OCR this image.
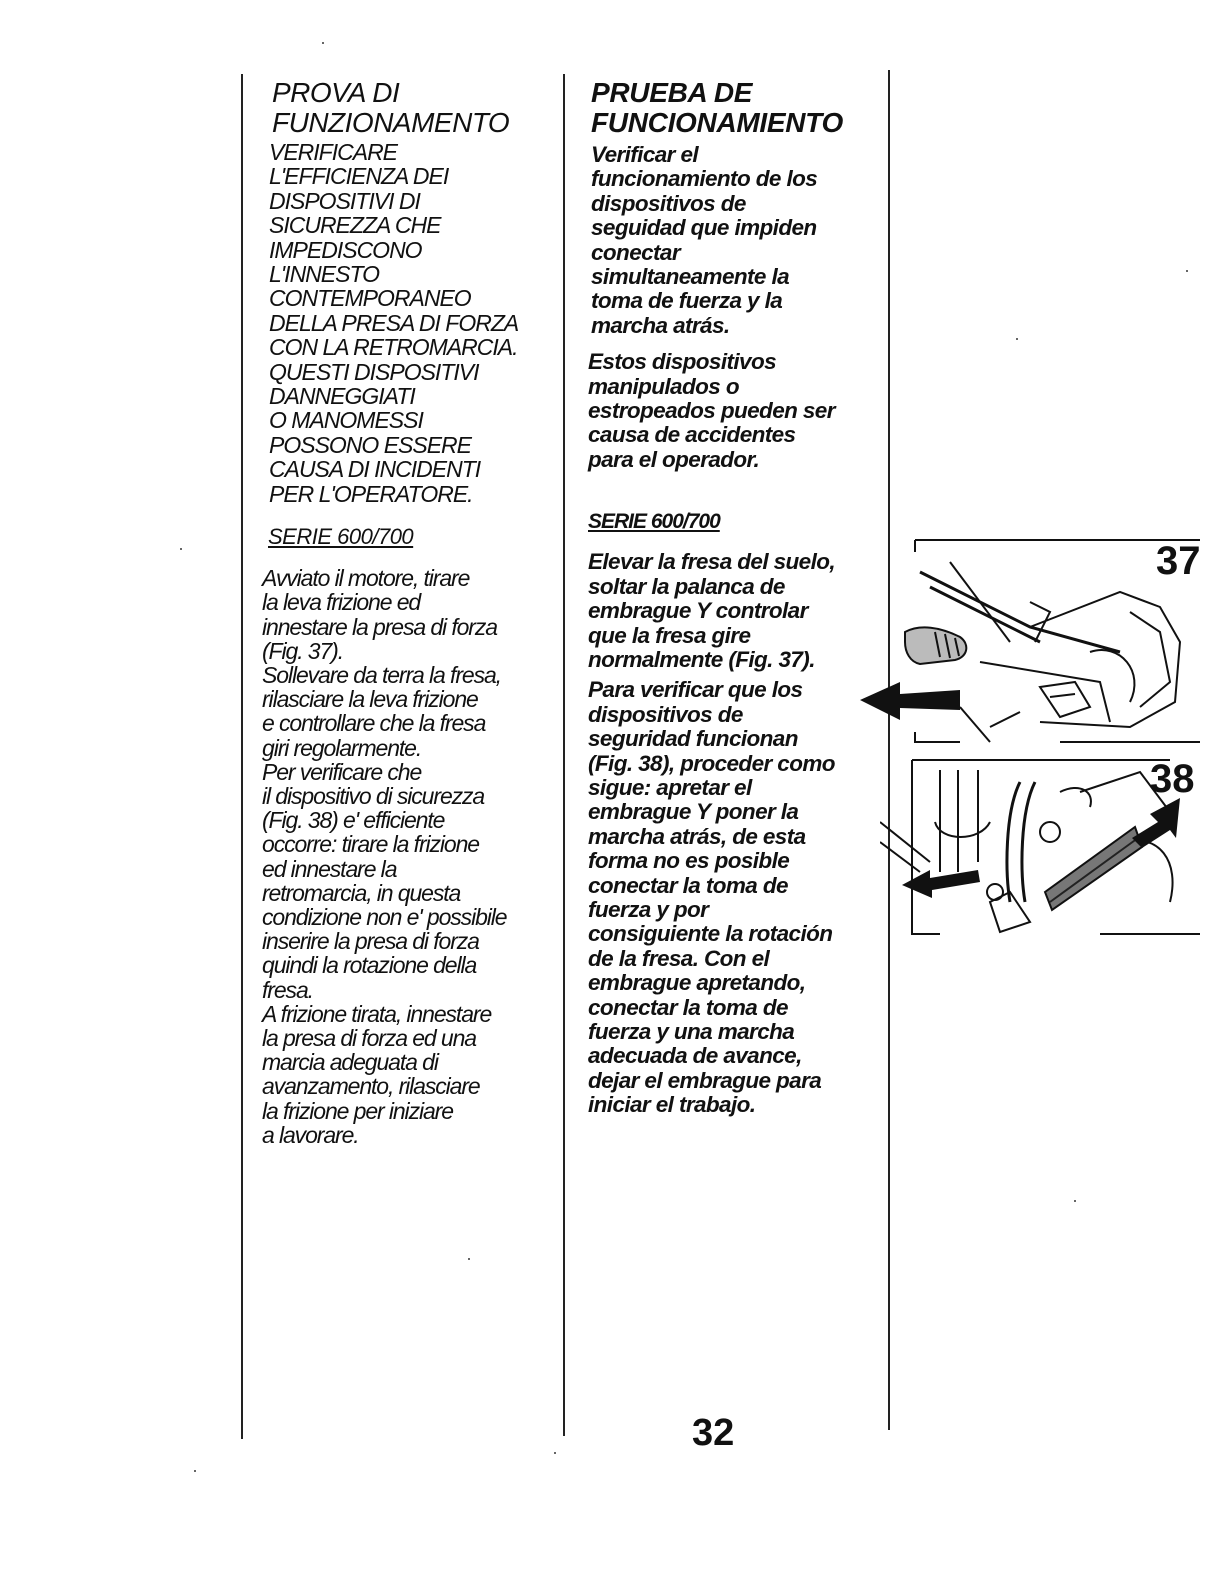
PROVA DI
FUNZIONAMENTO

VERIFICARE
L'EFFICIENZA DEI
DISPOSITIVI DI
SICUREZZA CHE
IMPEDISCONO
L'INNESTO
CONTEMPORANEO
DELLA PRESA DI FORZA
CON LA RETROMARCIA.
QUESTI DISPOSITIVI
DANNEGGIATI
O MANOMESSI
POSSONO ESSERE
CAUSA DI INCIDENTI
PER L'OPERATORE.

SERIE 600/700

Avviato il motore, tirare
la leva frizione ed
innestare la presa di forza
(Fig. 37).
Sollevare da terra la fresa,
rilasciare la leva frizione
e controllare che la fresa
giri regolarmente.
Per verificare che
il dispositivo di sicurezza
(Fig. 38) e' efficiente
occorre: tirare la frizione
ed innestare la
retromarcia, in questa
condizione non e' possibile
inserire la presa di forza
quindi la rotazione della
fresa.
A frizione tirata, innestare
la presa di forza ed una
marcia adeguata di
avanzamento, rilasciare
la frizione per iniziare
a lavorare.

PRUEBA DE
FUNCIONAMIENTO

Verificar el
funcionamiento de los
dispositivos de
seguidad que impiden
conectar
simultaneamente la
toma de fuerza y la
marcha atrás.

Estos dispositivos
manipulados o
estropeados pueden ser
causa de accidentes
para el operador.

SERIE 600/700

Elevar la fresa del suelo,
soltar la palanca de
embrague Y controlar
que la fresa gire
normalmente (Fig. 37).

Para verificar que los
dispositivos de
seguridad funcionan
(Fig. 38), proceder como
sigue: apretar el
embrague Y poner la
marcha atrás, de esta
forma no es posible
conectar la toma de
fuerza y por
consiguiente la rotación
de la fresa. Con el
embrague apretando,
conectar la toma de
fuerza y una marcha
adecuada de avance,
dejar el embrague para
iniciar el trabajo.

37
38
32
